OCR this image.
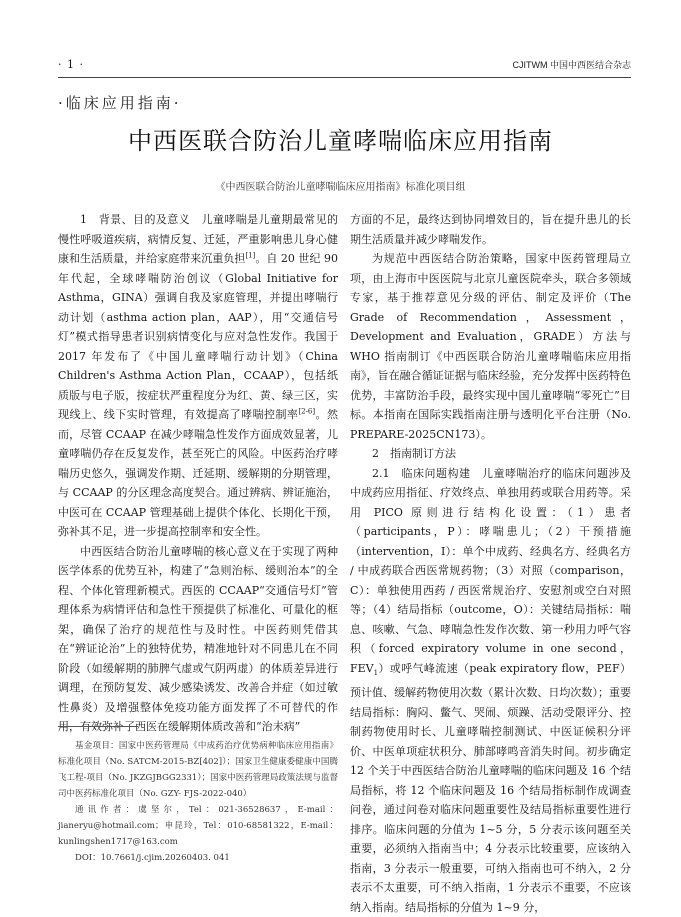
· 1 ·	CJITWM 中国中西医结合杂志
·临床应用指南·
中西医联合防治儿童哮喘临床应用指南
《中西医联合防治儿童哮喘临床应用指南》标准化项目组

1　背景、目的及意义　儿童哮喘是儿童期最常见的慢性呼吸道疾病，病情反复、迁延，严重影响患儿身心健康和生活质量，并给家庭带来沉重负担[1]。自 20 世纪 90 年代起，全球哮喘防治创议（Global Initiative for Asthma，GINA）强调自我及家庭管理，并提出哮喘行动计划（asthma action plan，AAP），用“交通信号灯”模式指导患者识别病情变化与应对急性发作。我国于 2017 年发布了《中国儿童哮喘行动计划》（China Children's Asthma Action Plan，CCAAP），包括纸质版与电子版，按症状严重程度分为红、黄、绿三区，实现线上、线下实时管理，有效提高了哮喘控制率[2-6]。然而，尽管 CCAAP 在减少哮喘急性发作方面成效显著，儿童哮喘仍存在反复发作，甚至死亡的风险。中医药治疗哮喘历史悠久，强调发作期、迁延期、缓解期的分期管理，与 CCAAP 的分区理念高度契合。通过辨病、辨证施治，中医可在 CCAAP 管理基础上提供个体化、长期化干预，弥补其不足，进一步提高控制率和安全性。

中西医结合防治儿童哮喘的核心意义在于实现了两种医学体系的优势互补，构建了“急则治标、缓则治本”的全程、个体化管理新模式。西医的 CCAAP“交通信号灯”管理体系为病情评估和急性干预提供了标准化、可量化的框架，确保了治疗的规范性与及时性。中医药则凭借其在“辨证论治”上的独特优势，精准地针对不同患儿在不同阶段（如缓解期的肺脾气虚或气阴两虚）的体质差异进行调理，在预防复发、减少感染诱发、改善合并症（如过敏性鼻炎）及增强整体免疫功能方面发挥了不可替代的作用，有效弥补了西医在缓解期体质改善和“治未病”

方面的不足，最终达到协同增效目的，旨在提升患儿的长期生活质量并减少哮喘发作。

为规范中西医结合防治策略，国家中医药管理局立项，由上海市中医医院与北京儿童医院牵头，联合多领域专家，基于推荐意见分级的评估、制定及评价（The Grade of Recommendation，Assessment，Development and Evaluation，GRADE）方法与 WHO 指南制订《中西医联合防治儿童哮喘临床应用指南》，旨在融合循证证据与临床经验，充分发挥中医药特色优势，丰富防治手段，最终实现中国儿童哮喘“零死亡”目标。本指南在国际实践指南注册与透明化平台注册（No. PREPARE-2025CN173）。

2　指南制订方法

2.1　临床问题构建　儿童哮喘治疗的临床问题涉及中成药应用指征、疗效终点、单独用药或联合用药等。采用 PICO 原则进行结构化设置：（1）患者（participants，P）：哮喘患儿；（2）干预措施（intervention，I）：单个中成药、经典名方、经典名方 / 中成药联合西医常规药物；（3）对照（comparison，C）：单独使用西药 / 西医常规治疗、安慰剂或空白对照等；（4）结局指标（outcome，O）：关键结局指标：喘息、咳嗽、气急、哮喘急性发作次数、第一秒用力呼气容积（forced expiratory volume in one second，$FEV_1$）或呼气峰流速（peak expiratory flow，PEF）预计值、缓解药物使用次数（累计次数、日均次数）；重要结局指标：胸闷、鳖气、哭闹、烦躁、活动受限评分、控制药物使用时长、儿童哮喘控制测试、中医证候积分评价、中医单项症状积分、肺部哮鸣音消失时间。初步确定 12 个关于中西医结合防治儿童哮喘的临床问题及 16 个结局指标，将 12 个临床问题及 16 个结局指标制作成调查问卷，通过问卷对临床问题重要性及结局指标重要性进行排序。临床问题的分值为 1~5 分，5 分表示该问题至关重要，必须纳入指南当中；4 分表示比较重要，应该纳入指南，3 分表示一般重要，可纳入指南也可不纳入，2 分表示不太重要，可不纳入指南，1 分表示不重要，不应该纳入指南。结局指标的分值为 1~9 分，

基金项目：国家中医药管理局《中成药治疗优势病种临床应用指南》标准化项目（No. SATCM-2015-BZ[402]）；国家卫生健康委健康中国腾飞工程-项目（No. JKZGJBGG2331）；国家中医药管理局政策法规与监督司中医药标准化项目（No. GZY- FJS-2022-040）

通讯作者：虞坚尔，Tel：021-36528637，E-mail：jianeryu@hotmail.com；申昆玲，Tel：010-68581322，E-mail：kunlingshen1717@163.com

DOI：10.7661/j.cjim.20260403. 041
